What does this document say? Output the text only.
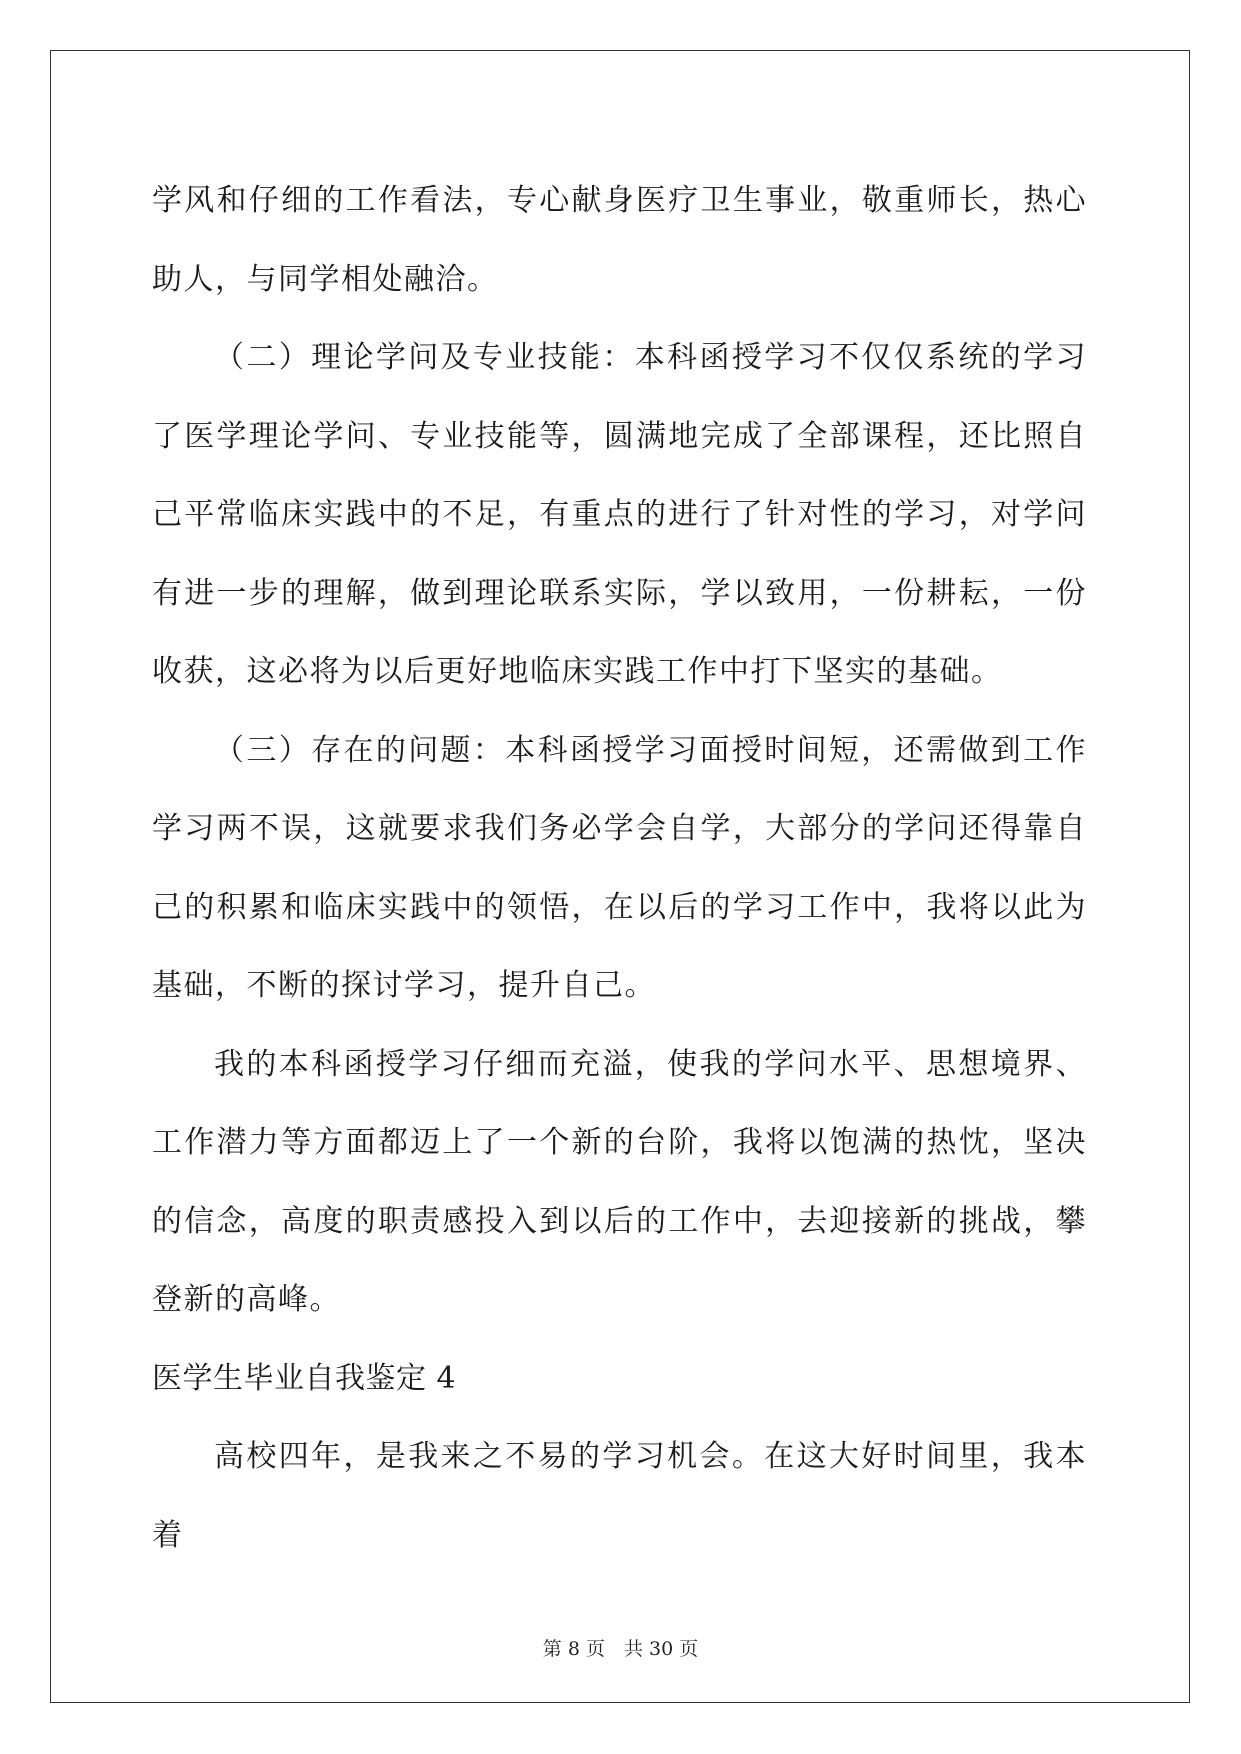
学风和仔细的工作看法，专心献身医疗卫生事业，敬重师长，热心助人，与同学相处融洽。

（二）理论学问及专业技能：本科函授学习不仅仅系统的学习了医学理论学问、专业技能等，圆满地完成了全部课程，还比照自己平常临床实践中的不足，有重点的进行了针对性的学习，对学问有进一步的理解，做到理论联系实际，学以致用，一份耕耘，一份收获，这必将为以后更好地临床实践工作中打下坚实的基础。

（三）存在的问题：本科函授学习面授时间短，还需做到工作学习两不误，这就要求我们务必学会自学，大部分的学问还得靠自己的积累和临床实践中的领悟，在以后的学习工作中，我将以此为基础，不断的探讨学习，提升自己。

我的本科函授学习仔细而充溢，使我的学问水平、思想境界、工作潜力等方面都迈上了一个新的台阶，我将以饱满的热忱，坚决的信念，高度的职责感投入到以后的工作中，去迎接新的挑战，攀登新的高峰。

医学生毕业自我鉴定 4

高校四年，是我来之不易的学习机会。在这大好时间里，我本着

第 8 页　共 30 页
